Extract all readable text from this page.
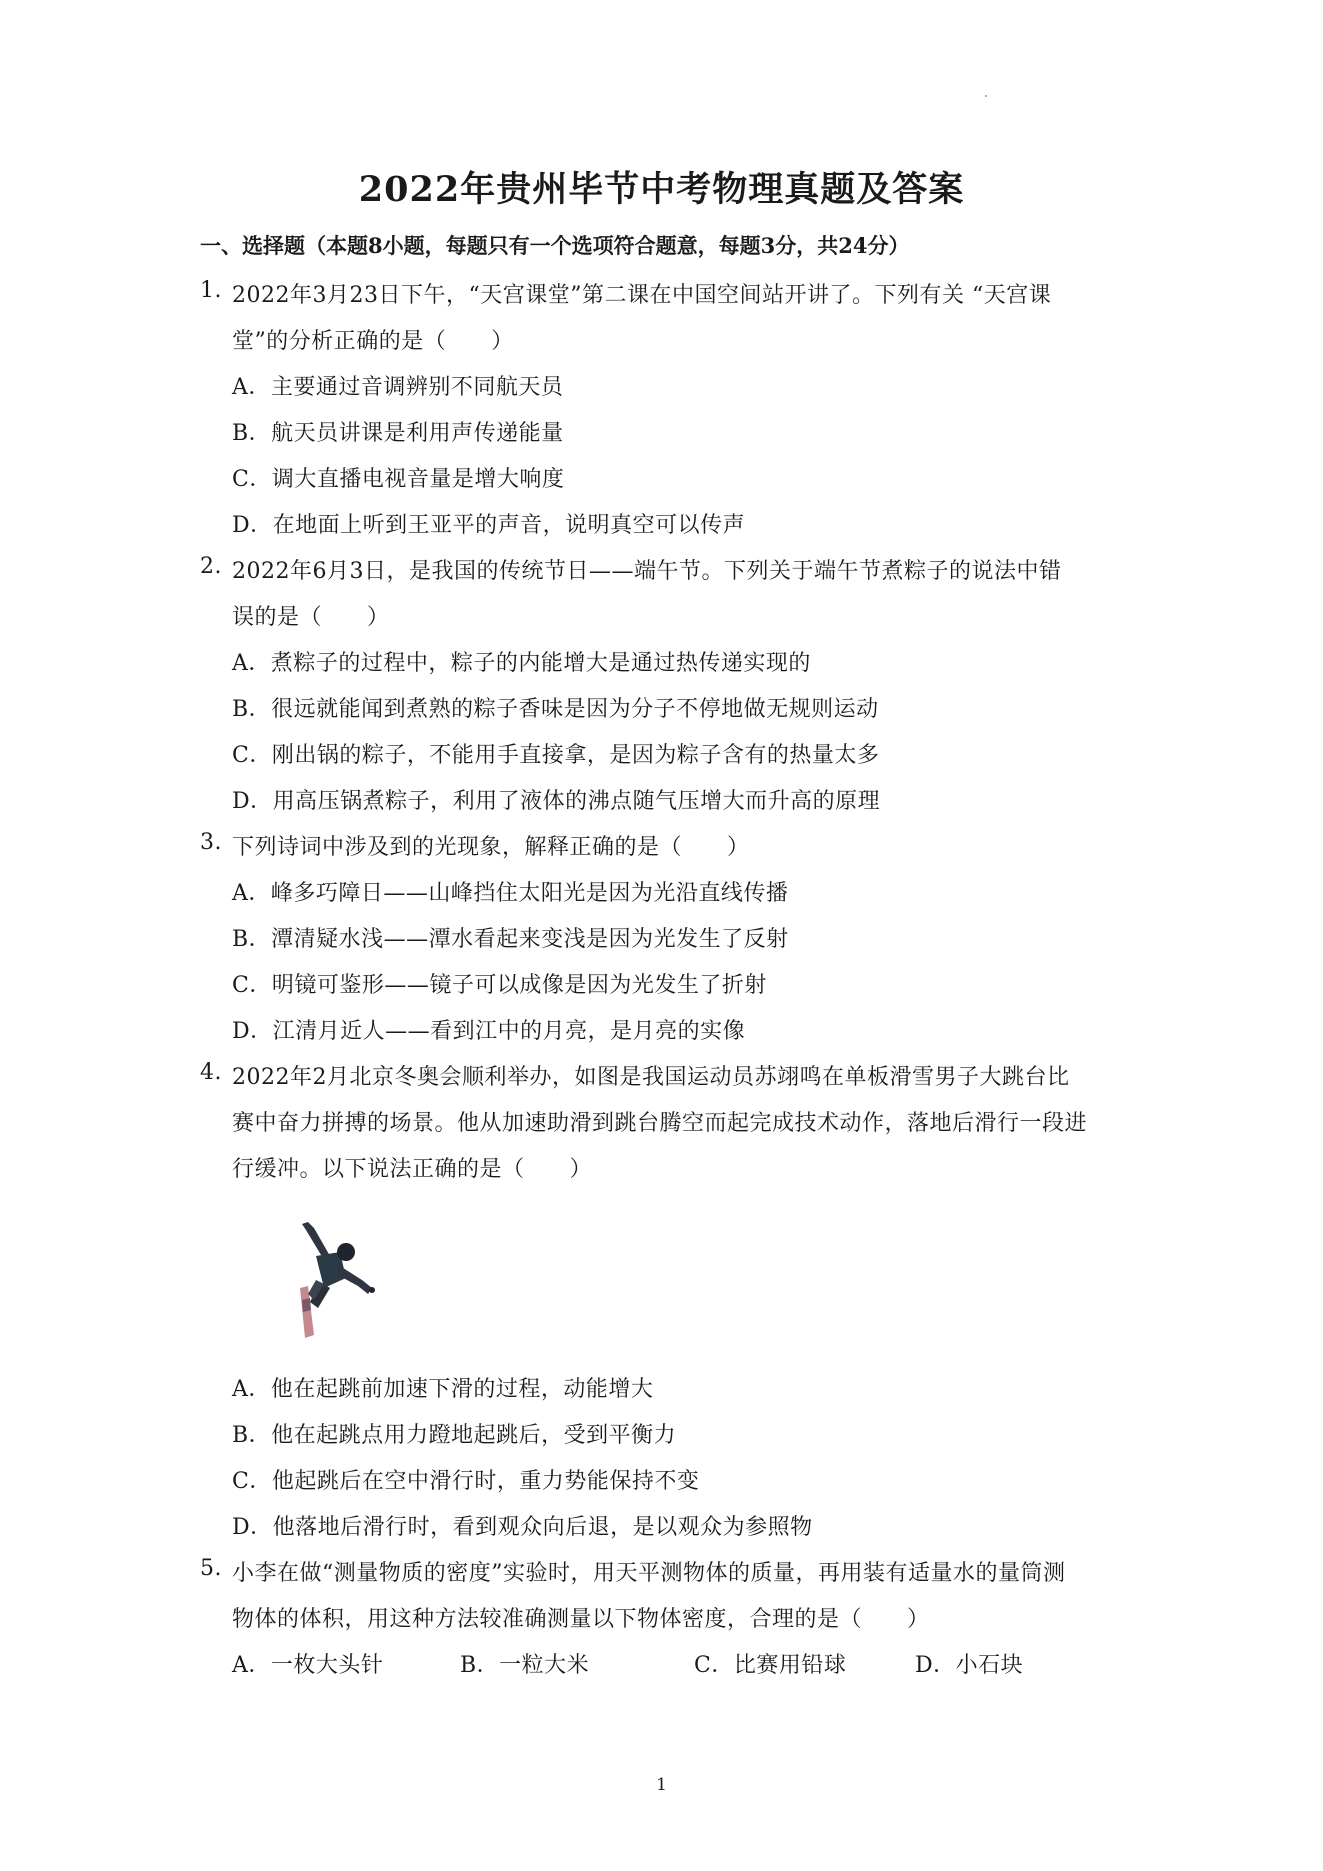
2022年贵州毕节中考物理真题及答案
一、选择题（本题8小题，每题只有一个选项符合题意，每题3分，共24分）
1. 2022年3月23日下午，“天宫课堂”第二课在中国空间站开讲了。下列有关 “天宫课
堂”的分析正确的是（　　）
A．主要通过音调辨别不同航天员
B．航天员讲课是利用声传递能量
C．调大直播电视音量是增大响度
D．在地面上听到王亚平的声音，说明真空可以传声
2. 2022年6月3日，是我国的传统节日——端午节。下列关于端午节煮粽子的说法中错
误的是（　　）
A．煮粽子的过程中，粽子的内能增大是通过热传递实现的
B．很远就能闻到煮熟的粽子香味是因为分子不停地做无规则运动
C．刚出锅的粽子，不能用手直接拿，是因为粽子含有的热量太多
D．用高压锅煮粽子，利用了液体的沸点随气压增大而升高的原理
3. 下列诗词中涉及到的光现象，解释正确的是（　　）
A．峰多巧障日——山峰挡住太阳光是因为光沿直线传播
B．潭清疑水浅——潭水看起来变浅是因为光发生了反射
C．明镜可鉴形——镜子可以成像是因为光发生了折射
D．江清月近人——看到江中的月亮，是月亮的实像
4. 2022年2月北京冬奥会顺利举办，如图是我国运动员苏翊鸣在单板滑雪男子大跳台比
赛中奋力拼搏的场景。他从加速助滑到跳台腾空而起完成技术动作，落地后滑行一段进
行缓冲。以下说法正确的是（　　）
A．他在起跳前加速下滑的过程，动能增大
B．他在起跳点用力蹬地起跳后，受到平衡力
C．他起跳后在空中滑行时，重力势能保持不变
D．他落地后滑行时，看到观众向后退，是以观众为参照物
5. 小李在做“测量物质的密度”实验时，用天平测物体的质量，再用装有适量水的量筒测
物体的体积，用这种方法较准确测量以下物体密度，合理的是（　　）
A．一枚大头针	B．一粒大米	C．比赛用铅球	D．小石块
1
